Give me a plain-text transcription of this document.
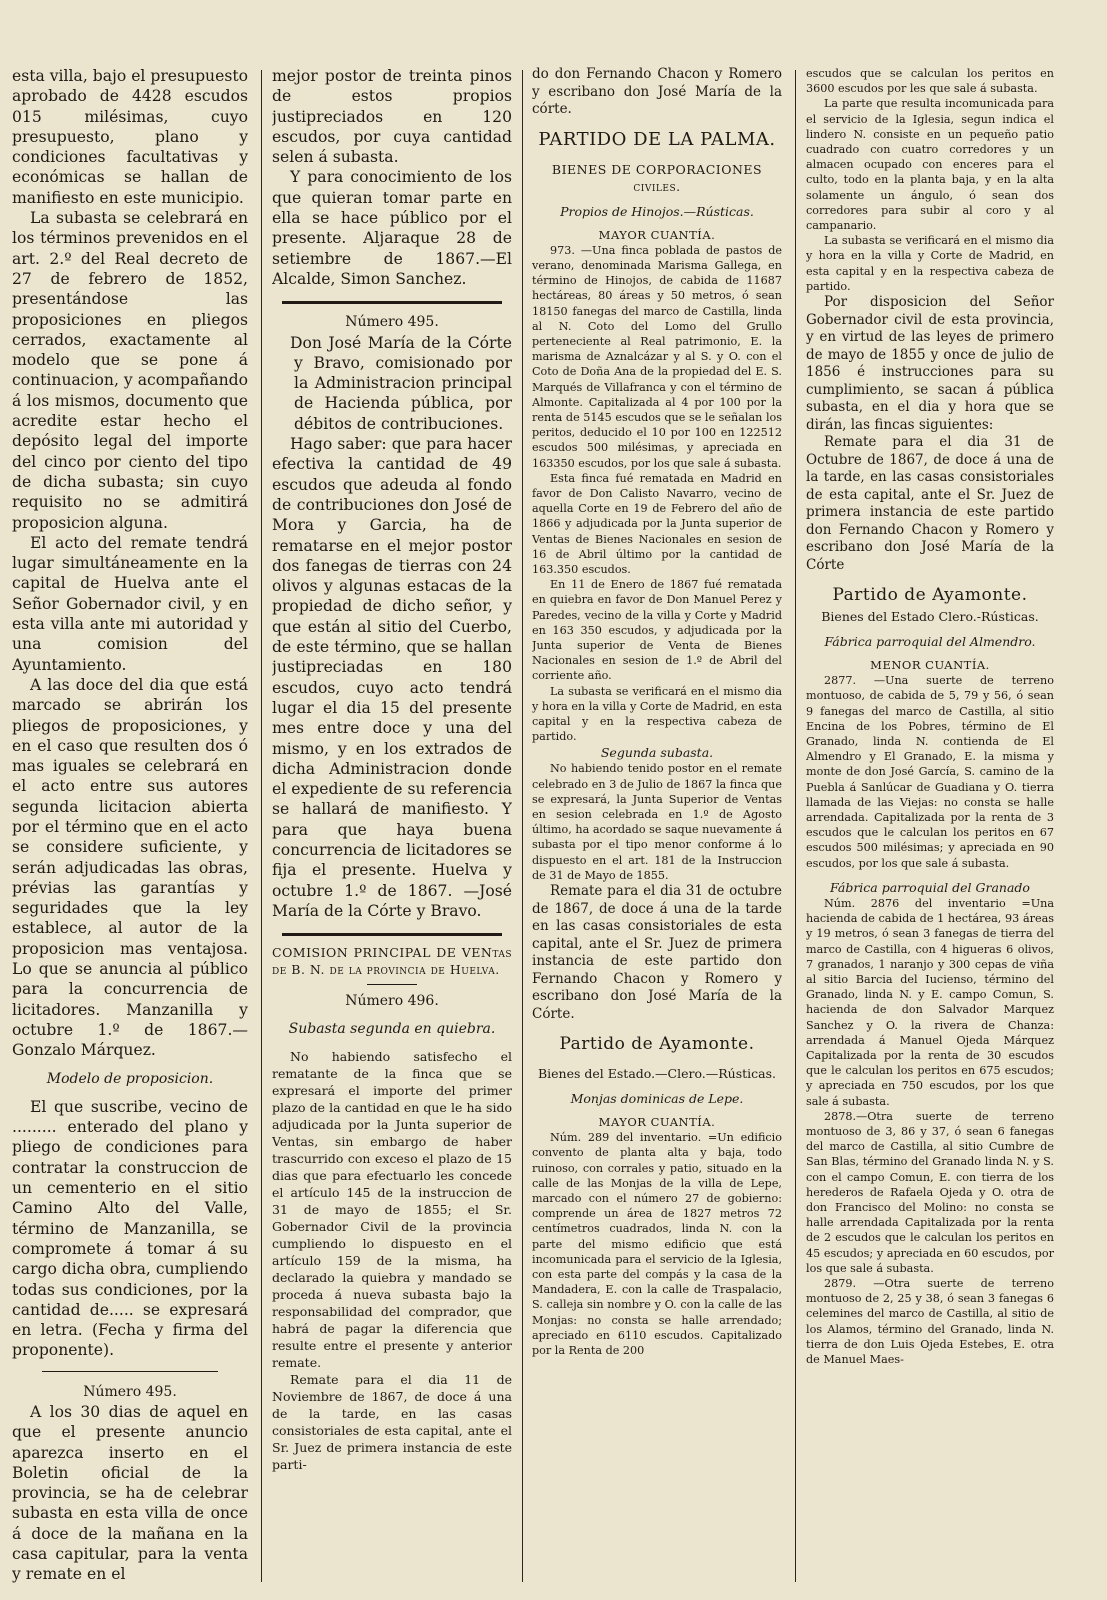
esta villa, bajo el presupuesto aprobado de 4428 escudos 015 milésimas, cuyo presupuesto, plano y condiciones facultativas y económicas se hallan de manifiesto en este municipio.

La subasta se celebrará en los términos prevenidos en el art. 2.º del Real decreto de 27 de febrero de 1852, presentándose las proposiciones en pliegos cerrados, exactamente al modelo que se pone á continuacion, y acompañando á los mismos, documento que acredite estar hecho el depósito legal del importe del cinco por ciento del tipo de dicha subasta; sin cuyo requisito no se admitirá proposicion alguna.

El acto del remate tendrá lugar simultáneamente en la capital de Huelva ante el Señor Gobernador civil, y en esta villa ante mi autoridad y una comision del Ayuntamiento.

A las doce del dia que está marcado se abrirán los pliegos de proposiciones, y en el caso que resulten dos ó mas iguales se celebrará en el acto entre sus autores segunda licitacion abierta por el término que en el acto se considere suficiente, y serán adjudicadas las obras, prévias las garantías y seguridades que la ley establece, al autor de la proposicion mas ventajosa. Lo que se anuncia al público para la concurrencia de licitadores. Manzanilla y octubre 1.º de 1867.—Gonzalo Márquez.

Modelo de proposicion.

El que suscribe, vecino de ......... enterado del plano y pliego de condiciones para contratar la construccion de un cementerio en el sitio Camino Alto del Valle, término de Manzanilla, se compromete á tomar á su cargo dicha obra, cumpliendo todas sus condiciones, por la cantidad de..... se expresará en letra. (Fecha y firma del proponente).

Número 495.

A los 30 dias de aquel en que el presente anuncio aparezca inserto en el Boletin oficial de la provincia, se ha de celebrar subasta en esta villa de once á doce de la mañana en la casa capitular, para la venta y remate en el

mejor postor de treinta pinos de estos propios justipreciados en 120 escudos, por cuya cantidad selen á subasta.

Y para conocimiento de los que quieran tomar parte en ella se hace público por el presente. Aljaraque 28 de setiembre de 1867.—El Alcalde, Simon Sanchez.

Número 495.

Don José María de la Córte y Bravo, comisionado por la Administracion principal de Hacienda pública, por débitos de contribuciones.

Hago saber: que para hacer efectiva la cantidad de 49 escudos que adeuda al fondo de contribuciones don José de Mora y Garcia, ha de rematarse en el mejor postor dos fanegas de tierras con 24 olivos y algunas estacas de la propiedad de dicho señor, y que están al sitio del Cuerbo, de este término, que se hallan justipreciadas en 180 escudos, cuyo acto tendrá lugar el dia 15 del presente mes entre doce y una del mismo, y en los extrados de dicha Administracion donde el expediente de su referencia se hallará de manifiesto. Y para que haya buena concurrencia de licitadores se fija el presente. Huelva y octubre 1.º de 1867. —José María de la Córte y Bravo.

COMISION PRINCIPAL DE VENtas de B. N. de la provincia de Huelva.

Número 496.

Subasta segunda en quiebra.

No habiendo satisfecho el rematante de la finca que se expresará el importe del primer plazo de la cantidad en que le ha sido adjudicada por la Junta superior de Ventas, sin embargo de haber trascurrido con exceso el plazo de 15 dias que para efectuarlo les concede el artículo 145 de la instruccion de 31 de mayo de 1855; el Sr. Gobernador Civil de la provincia cumpliendo lo dispuesto en el artículo 159 de la misma, ha declarado la quiebra y mandado se proceda á nueva subasta bajo la responsabilidad del comprador, que habrá de pagar la diferencia que resulte entre el presente y anterior remate.

Remate para el dia 11 de Noviembre de 1867, de doce á una de la tarde, en las casas consistoriales de esta capital, ante el Sr. Juez de primera instancia de este parti-

do don Fernando Chacon y Romero y escribano don José María de la córte.

PARTIDO DE LA PALMA.

BIENES DE CORPORACIONES civiles.

Propios de Hinojos.—Rústicas.

MAYOR CUANTÍA.

973. —Una finca poblada de pastos de verano, denominada Marisma Gallega, en término de Hinojos, de cabida de 11687 hectáreas, 80 áreas y 50 metros, ó sean 18150 fanegas del marco de Castilla, linda al N. Coto del Lomo del Grullo perteneciente al Real patrimonio, E. la marisma de Aznalcázar y al S. y O. con el Coto de Doña Ana de la propiedad del E. S. Marqués de Villafranca y con el término de Almonte. Capitalizada al 4 por 100 por la renta de 5145 escudos que se le señalan los peritos, deducido el 10 por 100 en 122512 escudos 500 milésimas, y apreciada en 163350 escudos, por los que sale á subasta.

Esta finca fué rematada en Madrid en favor de Don Calisto Navarro, vecino de aquella Corte en 19 de Febrero del año de 1866 y adjudicada por la Junta superior de Ventas de Bienes Nacionales en sesion de 16 de Abril último por la cantidad de 163.350 escudos.

En 11 de Enero de 1867 fué rematada en quiebra en favor de Don Manuel Perez y Paredes, vecino de la villa y Corte y Madrid en 163 350 escudos, y adjudicada por la Junta superior de Venta de Bienes Nacionales en sesion de 1.º de Abril del corriente año.

La subasta se verificará en el mismo dia y hora en la villa y Corte de Madrid, en esta capital y en la respectiva cabeza de partido.

Segunda subasta.

No habiendo tenido postor en el remate celebrado en 3 de Julio de 1867 la finca que se expresará, la Junta Superior de Ventas en sesion celebrada en 1.º de Agosto último, ha acordado se saque nuevamente á subasta por el tipo menor conforme á lo dispuesto en el art. 181 de la Instruccion de 31 de Mayo de 1855.

Remate para el dia 31 de octubre de 1867, de doce á una de la tarde en las casas consistoriales de esta capital, ante el Sr. Juez de primera instancia de este partido don Fernando Chacon y Romero y escribano don José María de la Córte.

Partido de Ayamonte.

Bienes del Estado.—Clero.—Rústicas.

Monjas dominicas de Lepe.

MAYOR CUANTÍA.

Núm. 289 del inventario. =Un edificio convento de planta alta y baja, todo ruinoso, con corrales y patio, situado en la calle de las Monjas de la villa de Lepe, marcado con el número 27 de gobierno: comprende un área de 1827 metros 72 centímetros cuadrados, linda N. con la parte del mismo edificio que está incomunicada para el servicio de la Iglesia, con esta parte del compás y la casa de la Mandadera, E. con la calle de Traspalacio, S. calleja sin nombre y O. con la calle de las Monjas: no consta se halle arrendado; apreciado en 6110 escudos. Capitalizado por la Renta de 200

escudos que se calculan los peritos en 3600 escudos por les que sale á subasta.

La parte que resulta incomunicada para el servicio de la Iglesia, segun indica el lindero N. consiste en un pequeño patio cuadrado con cuatro corredores y un almacen ocupado con enceres para el culto, todo en la planta baja, y en la alta solamente un ángulo, ó sean dos corredores para subir al coro y al campanario.

La subasta se verificará en el mismo dia y hora en la villa y Corte de Madrid, en esta capital y en la respectiva cabeza de partido.

Por disposicion del Señor Gobernador civil de esta provincia, y en virtud de las leyes de primero de mayo de 1855 y once de julio de 1856 é instrucciones para su cumplimiento, se sacan á pública subasta, en el dia y hora que se dirán, las fincas siguientes:

Remate para el dia 31 de Octubre de 1867, de doce á una de la tarde, en las casas consistoriales de esta capital, ante el Sr. Juez de primera instancia de este partido don Fernando Chacon y Romero y escribano don José María de la Córte

Partido de Ayamonte.

Bienes del Estado Clero.-Rústicas.

Fábrica parroquial del Almendro.

MENOR CUANTÍA.

2877. —Una suerte de terreno montuoso, de cabida de 5, 79 y 56, ó sean 9 fanegas del marco de Castilla, al sitio Encina de los Pobres, término de El Granado, linda N. contienda de El Almendro y El Granado, E. la misma y monte de don José García, S. camino de la Puebla á Sanlúcar de Guadiana y O. tierra llamada de las Viejas: no consta se halle arrendada. Capitalizada por la renta de 3 escudos que le calculan los peritos en 67 escudos 500 milésimas; y apreciada en 90 escudos, por los que sale á subasta.

Fábrica parroquial del Granado

Núm. 2876 del inventario =Una hacienda de cabida de 1 hectárea, 93 áreas y 19 metros, ó sean 3 fanegas de tierra del marco de Castilla, con 4 higueras 6 olivos, 7 granados, 1 naranjo y 300 cepas de viña al sitio Barcia del Iucienso, término del Granado, linda N. y E. campo Comun, S. hacienda de don Salvador Marquez Sanchez y O. la rivera de Chanza: arrendada á Manuel Ojeda Márquez Capitalizada por la renta de 30 escudos que le calculan los peritos en 675 escudos; y apreciada en 750 escudos, por los que sale á subasta.

2878.—Otra suerte de terreno montuoso de 3, 86 y 37, ó sean 6 fanegas del marco de Castilla, al sitio Cumbre de San Blas, término del Granado linda N. y S. con el campo Comun, E. con tierra de los herederos de Rafaela Ojeda y O. otra de don Francisco del Molino: no consta se halle arrendada Capitalizada por la renta de 2 escudos que le calculan los peritos en 45 escudos; y apreciada en 60 escudos, por los que sale á subasta.

2879. —Otra suerte de terreno montuoso de 2, 25 y 38, ó sean 3 fanegas 6 celemines del marco de Castilla, al sitio de los Alamos, término del Granado, linda N. tierra de don Luis Ojeda Estebes, E. otra de Manuel Maes-
